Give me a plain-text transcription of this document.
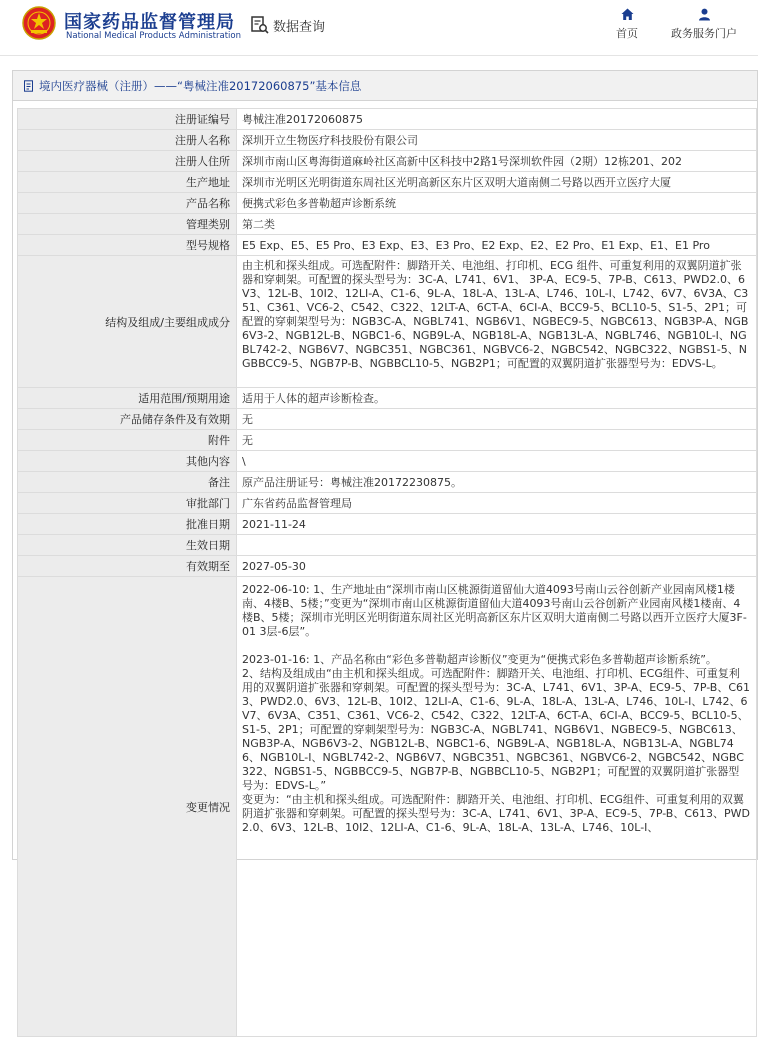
国家药品监督管理局
National Medical Products Administration
数据查询	首页	政务服务门户
境内医疗器械（注册） —— “粤械注准20172060875”基本信息
注册证编号	粤械注准20172060875
注册人名称	深圳开立生物医疗科技股份有限公司
注册人住所	深圳市南山区粤海街道麻岭社区高新中区科技中2路1号深圳软件园（2期）12栋201、202
生产地址	深圳市光明区光明街道东周社区光明高新区东片区双明大道南侧二号路以西开立医疗大厦
产品名称	便携式彩色多普勒超声诊断系统
管理类别	第二类
型号规格	E5 Exp、E5、E5 Pro、E3 Exp、E3、E3 Pro、E2 Exp、E2、E2 Pro、E1 Exp、E1、E1 Pro
结构及组成/主要组成成分	由主机和探头组成。可选配附件：脚踏开关、电池组、打印机、ECG 组件、可重复利用的双翼阴道扩张器和穿刺架。可配置的探头型号为：3C-A、L741、6V1、 3P-A、EC9-5、7P-B、C613、PWD2.0、6V3、12L-B、10I2、12LI-A、C1-6、9L-A、18L-A、13L-A、L746、10L-I、L742、6V7、6V3A、C351、C361、VC6-2、C542、C322、12LT-A、6CT-A、6CI-A、BCC9-5、BCL10-5、S1-5、2P1；可配置的穿刺架型号为：NGB3C-A、NGBL741、NGB6V1、NGBEC9-5、NGBC613、NGB3P-A、NGB6V3-2、NGB12L-B、NGBC1-6、NGB9L-A、NGB18L-A、NGB13L-A、NGBL746、NGB10L-I、NGBL742-2、NGB6V7、NGBC351、NGBC361、NGBVC6-2、NGBC542、NGBC322、NGBS1-5、NGBBCC9-5、NGB7P-B、NGBBCL10-5、NGB2P1；可配置的双翼阴道扩张器型号为：EDVS-L。
适用范围/预期用途	适用于人体的超声诊断检查。
产品储存条件及有效期	无
附件	无
其他内容	\
备注	原产品注册证号：粤械注准20172230875。
审批部门	广东省药品监督管理局
批准日期	2021-11-24
生效日期	
有效期至	2027-05-30
变更情况	2022-06-10: 1、生产地址由“深圳市南山区桃源街道留仙大道4093号南山云谷创新产业园南风楼1楼南、4楼B、5楼；”变更为“深圳市南山区桃源街道留仙大道4093号南山云谷创新产业园南风楼1楼南、4楼B、5楼；深圳市光明区光明街道东周社区光明高新区东片区双明大道南侧二号路以西开立医疗大厦3F-01 3层-6层”。

2023-01-16: 1、产品名称由“彩色多普勒超声诊断仪”变更为“便携式彩色多普勒超声诊断系统”。
2、结构及组成由“由主机和探头组成。可选配附件：脚踏开关、电池组、打印机、ECG组件、可重复利用的双翼阴道扩张器和穿刺架。可配置的探头型号为：3C-A、L741、6V1、3P-A、EC9-5、7P-B、C613、PWD2.0、6V3、12L-B、10I2、12LI-A、C1-6、9L-A、18L-A、13L-A、L746、10L-I、L742、6V7、6V3A、C351、C361、VC6-2、C542、C322、12LT-A、6CT-A、6CI-A、BCC9-5、BCL10-5、S1-5、2P1；可配置的穿刺架型号为：NGB3C-A、NGBL741、NGB6V1、NGBEC9-5、NGBC613、NGB3P-A、NGB6V3-2、NGB12L-B、NGBC1-6、NGB9L-A、NGB18L-A、NGB13L-A、NGBL746、NGB10L-I、NGBL742-2、NGB6V7、NGBC351、NGBC361、NGBVC6-2、NGBC542、NGBC322、NGBS1-5、NGBBCC9-5、NGB7P-B、NGBBCL10-5、NGB2P1；可配置的双翼阴道扩张器型号为：EDVS-L。”
变更为：“由主机和探头组成。可选配附件：脚踏开关、电池组、打印机、ECG组件、可重复利用的双翼阴道扩张器和穿刺架。可配置的探头型号为：3C-A、L741、6V1、3P-A、EC9-5、7P-B、C613、PWD2.0、6V3、12L-B、10I2、12LI-A、C1-6、9L-A、18L-A、13L-A、L746、10L-I、
